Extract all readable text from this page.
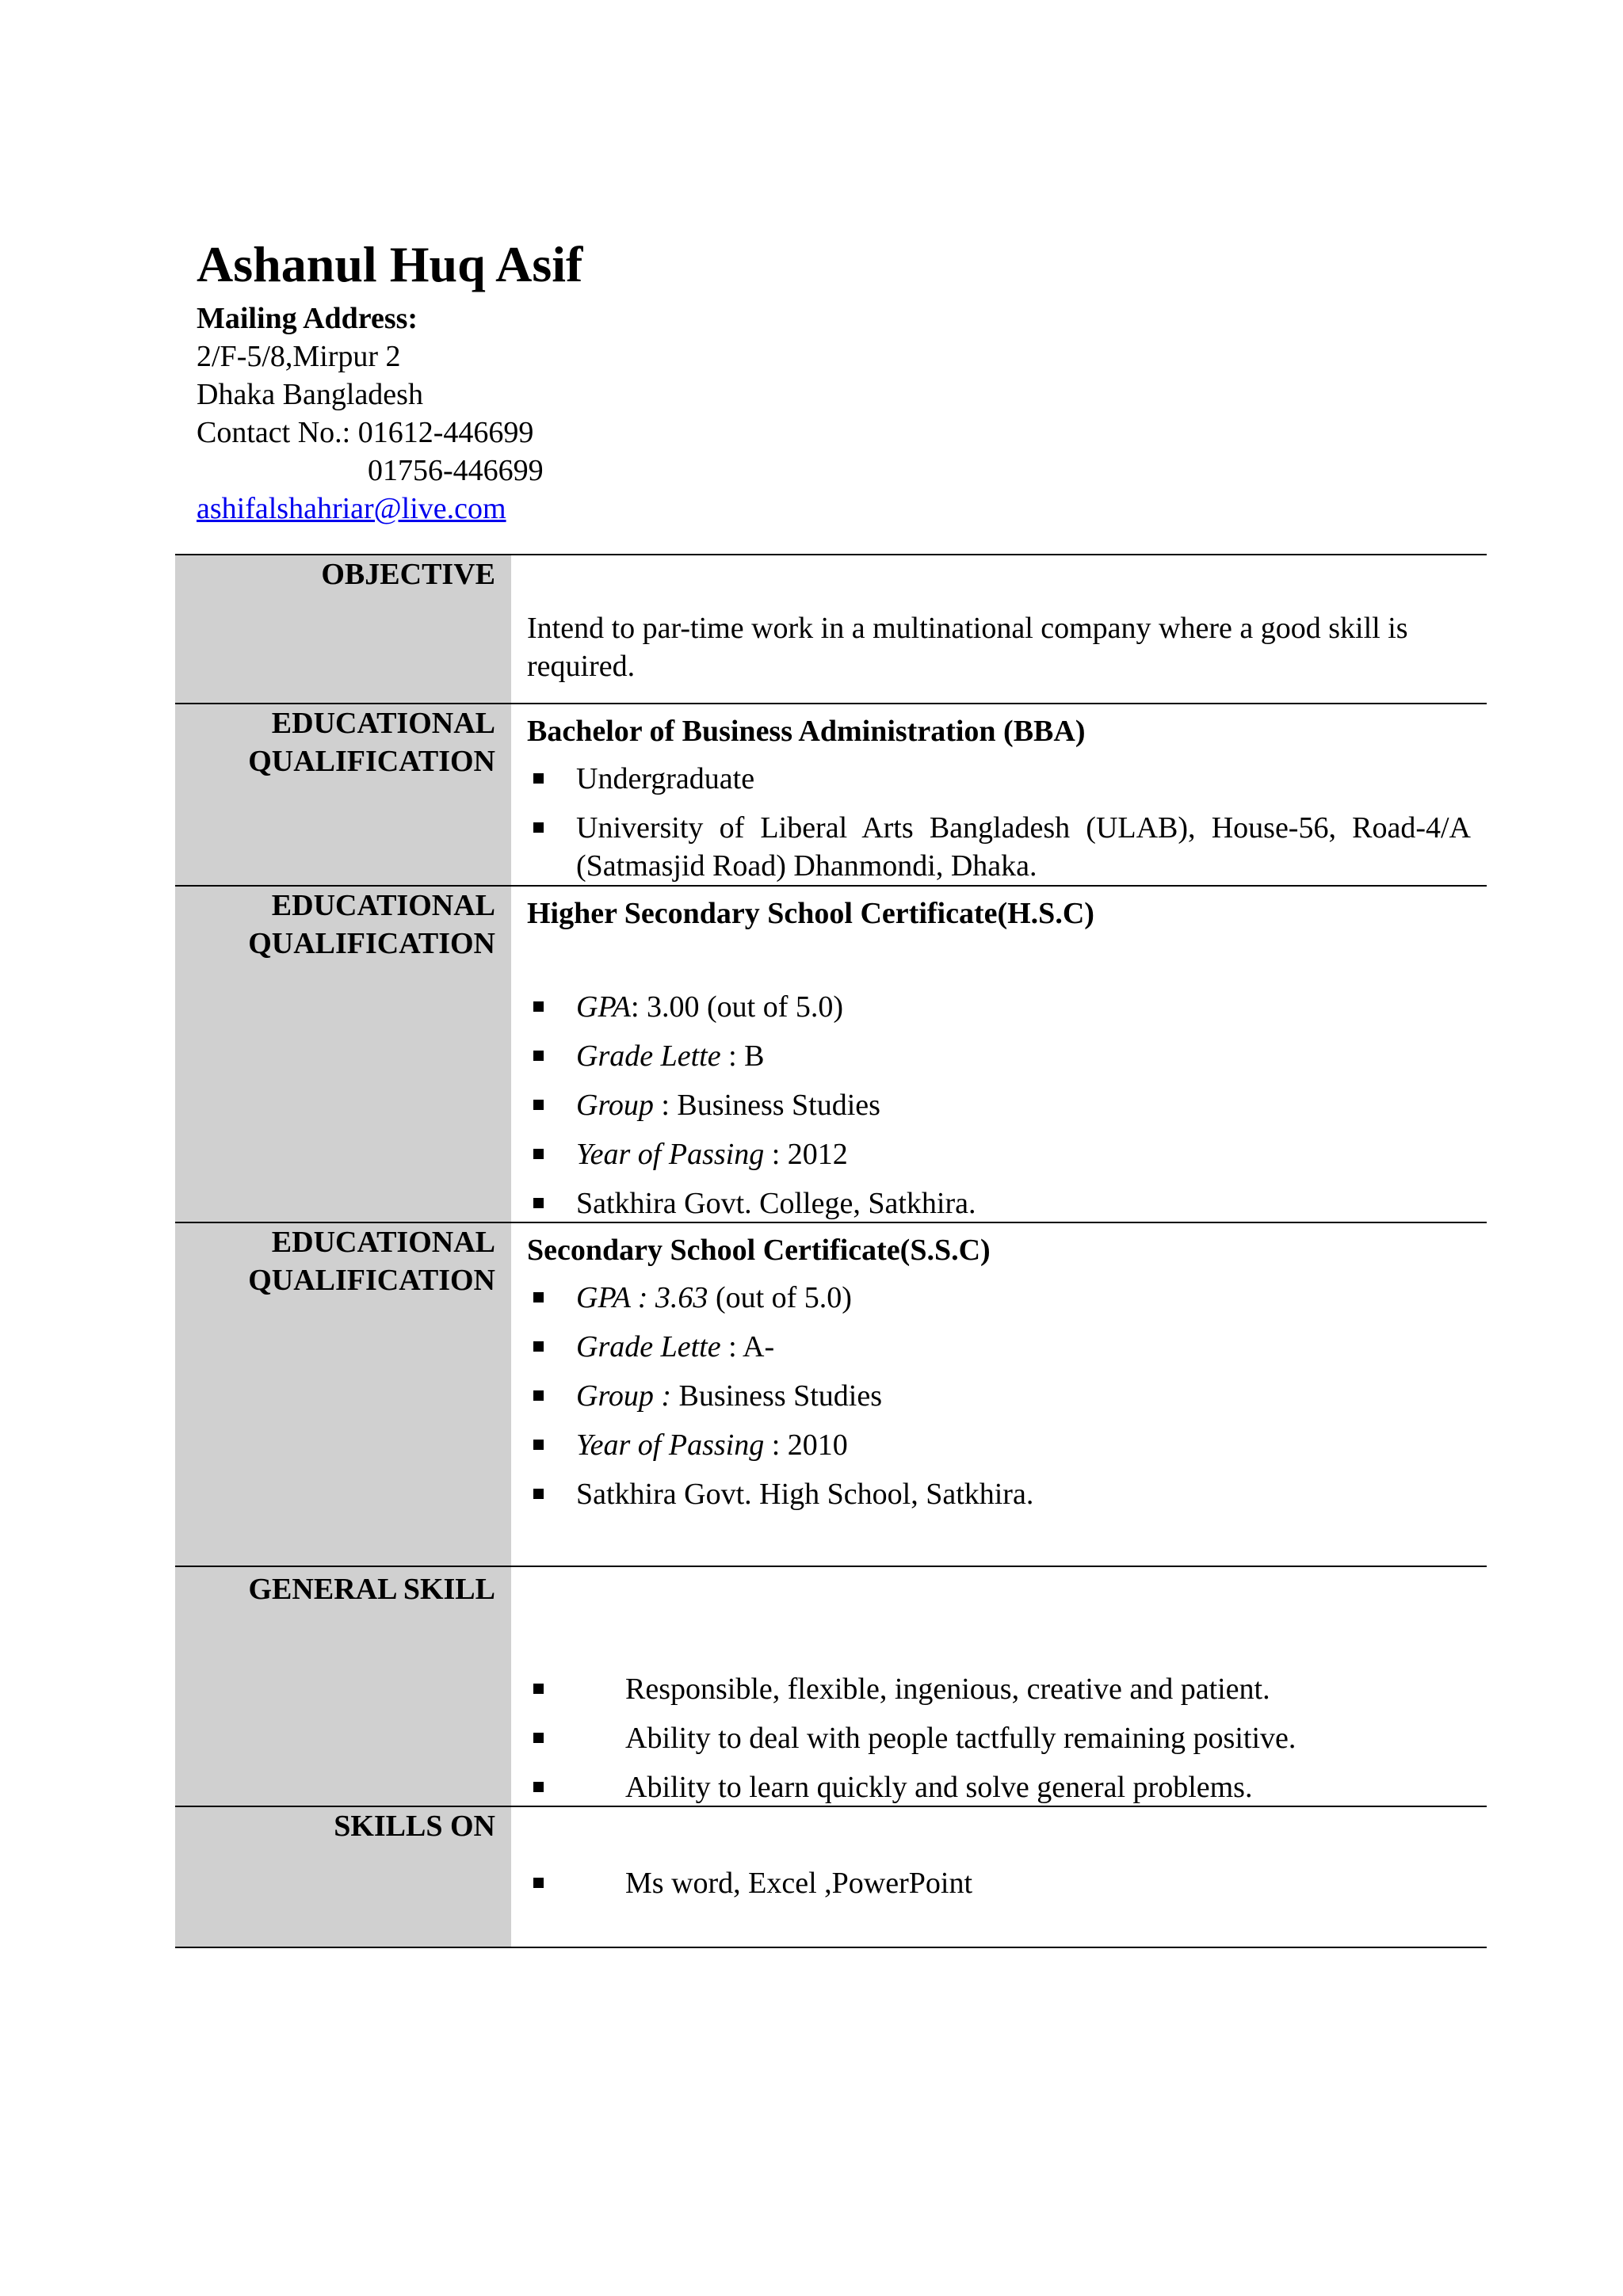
Ashanul Huq Asif
Mailing Address:
2/F-5/8,Mirpur 2
Dhaka Bangladesh
Contact No.: 01612-446699
01756-446699
ashifalshahriar@live.com
OBJECTIVE
Intend to par-time work in a multinational company where a good skill is required.
EDUCATIONAL
QUALIFICATION
Bachelor of Business Administration (BBA)
Undergraduate
University of Liberal Arts Bangladesh (ULAB), House-56, Road-4/A (Satmasjid Road) Dhanmondi, Dhaka.
EDUCATIONAL
QUALIFICATION
Higher Secondary School Certificate(H.S.C)
GPA: 3.00 (out of 5.0)
Grade Lette : B
Group : Business Studies
Year of Passing : 2012
Satkhira Govt. College, Satkhira.
EDUCATIONAL
QUALIFICATION
Secondary School Certificate(S.S.C)
GPA : 3.63 (out of 5.0)
Grade Lette : A-
Group : Business Studies
Year of Passing : 2010
Satkhira Govt. High School, Satkhira.
GENERAL SKILL
Responsible, flexible, ingenious, creative and patient.
Ability to deal with people tactfully remaining positive.
Ability to learn quickly and solve general problems.
SKILLS ON
Ms word, Excel ,PowerPoint
